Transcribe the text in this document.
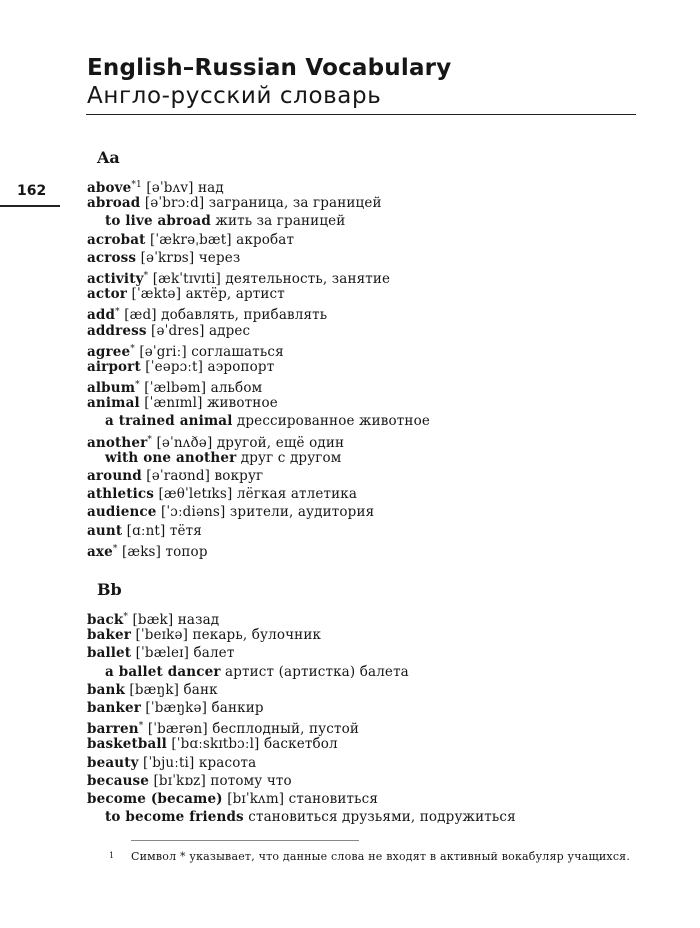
English–Russian Vocabulary
Англо-русский словарь
162
Aa
above$^{*1}$ [əˈbʌv] над
abroad [əˈbrɔːd] заграница, за границей
to live abroad жить за границей
acrobat [ˈækrəˌbæt] акробат
across [əˈkrɒs] через
activity* [ækˈtɪvɪti] деятельность, занятие
actor [ˈæktə] актёр, артист
add* [æd] добавлять, прибавлять
address [əˈdres] адрес
agree* [əˈgriː] соглашаться
airport [ˈeəpɔːt] аэропорт
album* [ˈælbəm] альбом
animal [ˈænɪml] животное
a trained animal дрессированное животное
another* [əˈnʌðə] другой, ещё один
with one another друг с другом
around [əˈraʊnd] вокруг
athletics [æθˈletɪks] лёгкая атлетика
audience [ˈɔːdiəns] зрители, аудитория
aunt [ɑːnt] тётя
axe* [æks] топор
Bb
back* [bæk] назад
baker [ˈbeɪkə] пекарь, булочник
ballet [ˈbæleɪ] балет
a ballet dancer артист (артистка) балета
bank [bæŋk] банк
banker [ˈbæŋkə] банкир
barren* [ˈbærən] бесплодный, пустой
basketball [ˈbɑːskɪtbɔːl] баскетбол
beauty [ˈbjuːti] красота
because [bɪˈkɒz] потому что
become (became) [bɪˈkʌm] становиться
to become friends становиться друзьями, подружиться
1 Символ * указывает, что данные слова не входят в активный вокабуляр учащихся.
